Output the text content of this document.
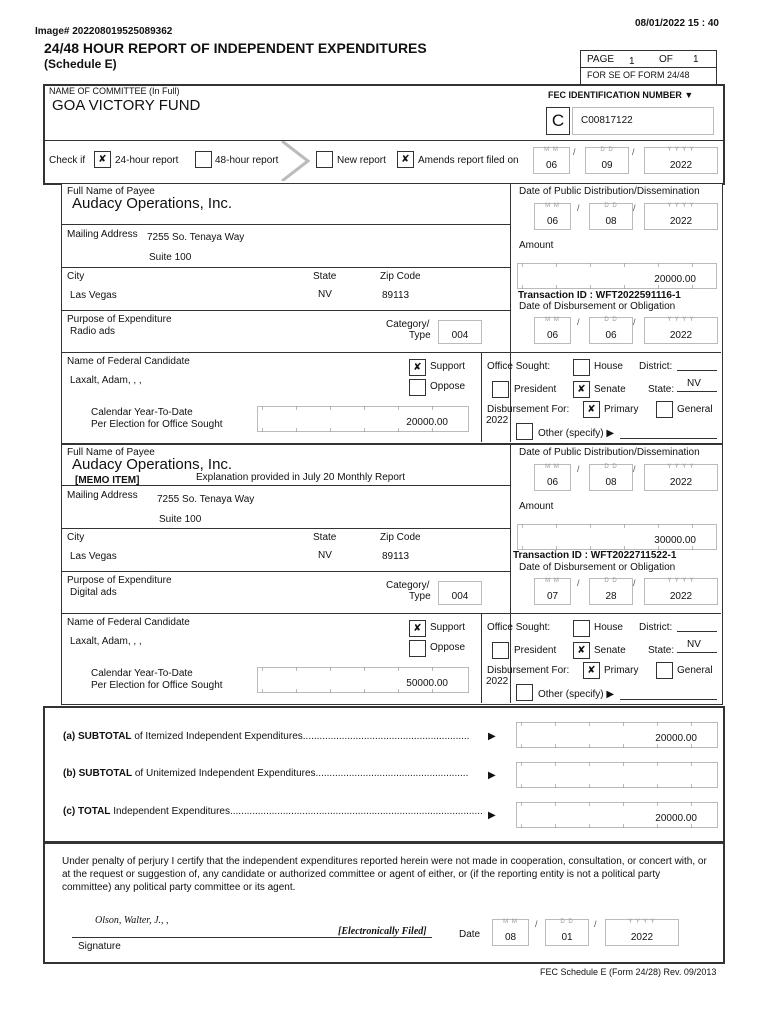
Image# 202208019525089362
08/01/2022 15 : 40
24/48 HOUR REPORT OF INDEPENDENT EXPENDITURES
(Schedule E)	PAGE 1 OF 1
FOR SE OF FORM 24/48
NAME OF COMMITTEE (In Full)
GOA VICTORY FUND
FEC IDENTIFICATION NUMBER ▼
C	C00817122
Check if	✘ 24-hour report	48-hour report	New report	✘ Amends report filed on
M M
06
/	D D
09
/	Y Y Y Y
2022
Full Name of Payee
Audacy Operations, Inc.
Mailing Address 7255 So. Tenaya Way
Suite 100
City	State	Zip Code
Las Vegas	NV	89113
Purpose of Expenditure
Radio ads
Category/
Type	004
Name of Federal Candidate
Laxalt, Adam, , ,
✘ Support
Oppose
Calendar Year-To-Date
Per Election for Office Sought	20000.00
Date of Public Distribution/Dissemination
M M
06
/	D D
08
/	Y Y Y Y
2022
Amount
20000.00
Transaction ID : WFT2022591116-1
Date of Disbursement or Obligation
M M
06
/	D D
06
/	Y Y Y Y
2022
Office Sought:	House District:
President	✘ Senate State:
NV
Disbursement For:
2022
✘ Primary	General
Other (specify) ▶
Full Name of Payee
Audacy Operations, Inc.
[MEMO ITEM]	Explanation provided in July 20 Monthly Report
Mailing Address 7255 So. Tenaya Way
Suite 100
City	State	Zip Code
Las Vegas	NV	89113
Purpose of Expenditure
Digital ads
Category/
Type	004
Name of Federal Candidate
Laxalt, Adam, , ,
✘ Support
Oppose
Calendar Year-To-Date
Per Election for Office Sought	50000.00
Date of Public Distribution/Dissemination
M M
06
/	D D
08
/	Y Y Y Y
2022
Amount
30000.00
Transaction ID : WFT2022711522-1
Date of Disbursement or Obligation
M M
07
/	D D
28
/	Y Y Y Y
2022
Office Sought:	House District:
President	✘ Senate State:
NV
Disbursement For:
2022
✘ Primary	General
Other (specify) ▶
(a) SUBTOTAL of Itemized Independent Expenditures............................................................ ▶	20000.00
(b) SUBTOTAL of Unitemized Independent Expenditures....................................................... ▶
(c) TOTAL Independent Expenditures........................................................................................... ▶	20000.00
Under penalty of perjury I certify that the independent expenditures reported herein were not made in cooperation, consultation, or concert with, or at the request or suggestion of, any candidate or authorized committee or agent of either, or (if the reporting entity is not a political party committee) any political party committee or its agent.
Olson, Walter, J., ,
[Electronically Filed]
Signature
Date
M M
08
/	D D
01
/	Y Y Y Y
2022
FEC Schedule E (Form 24/28) Rev. 09/2013
